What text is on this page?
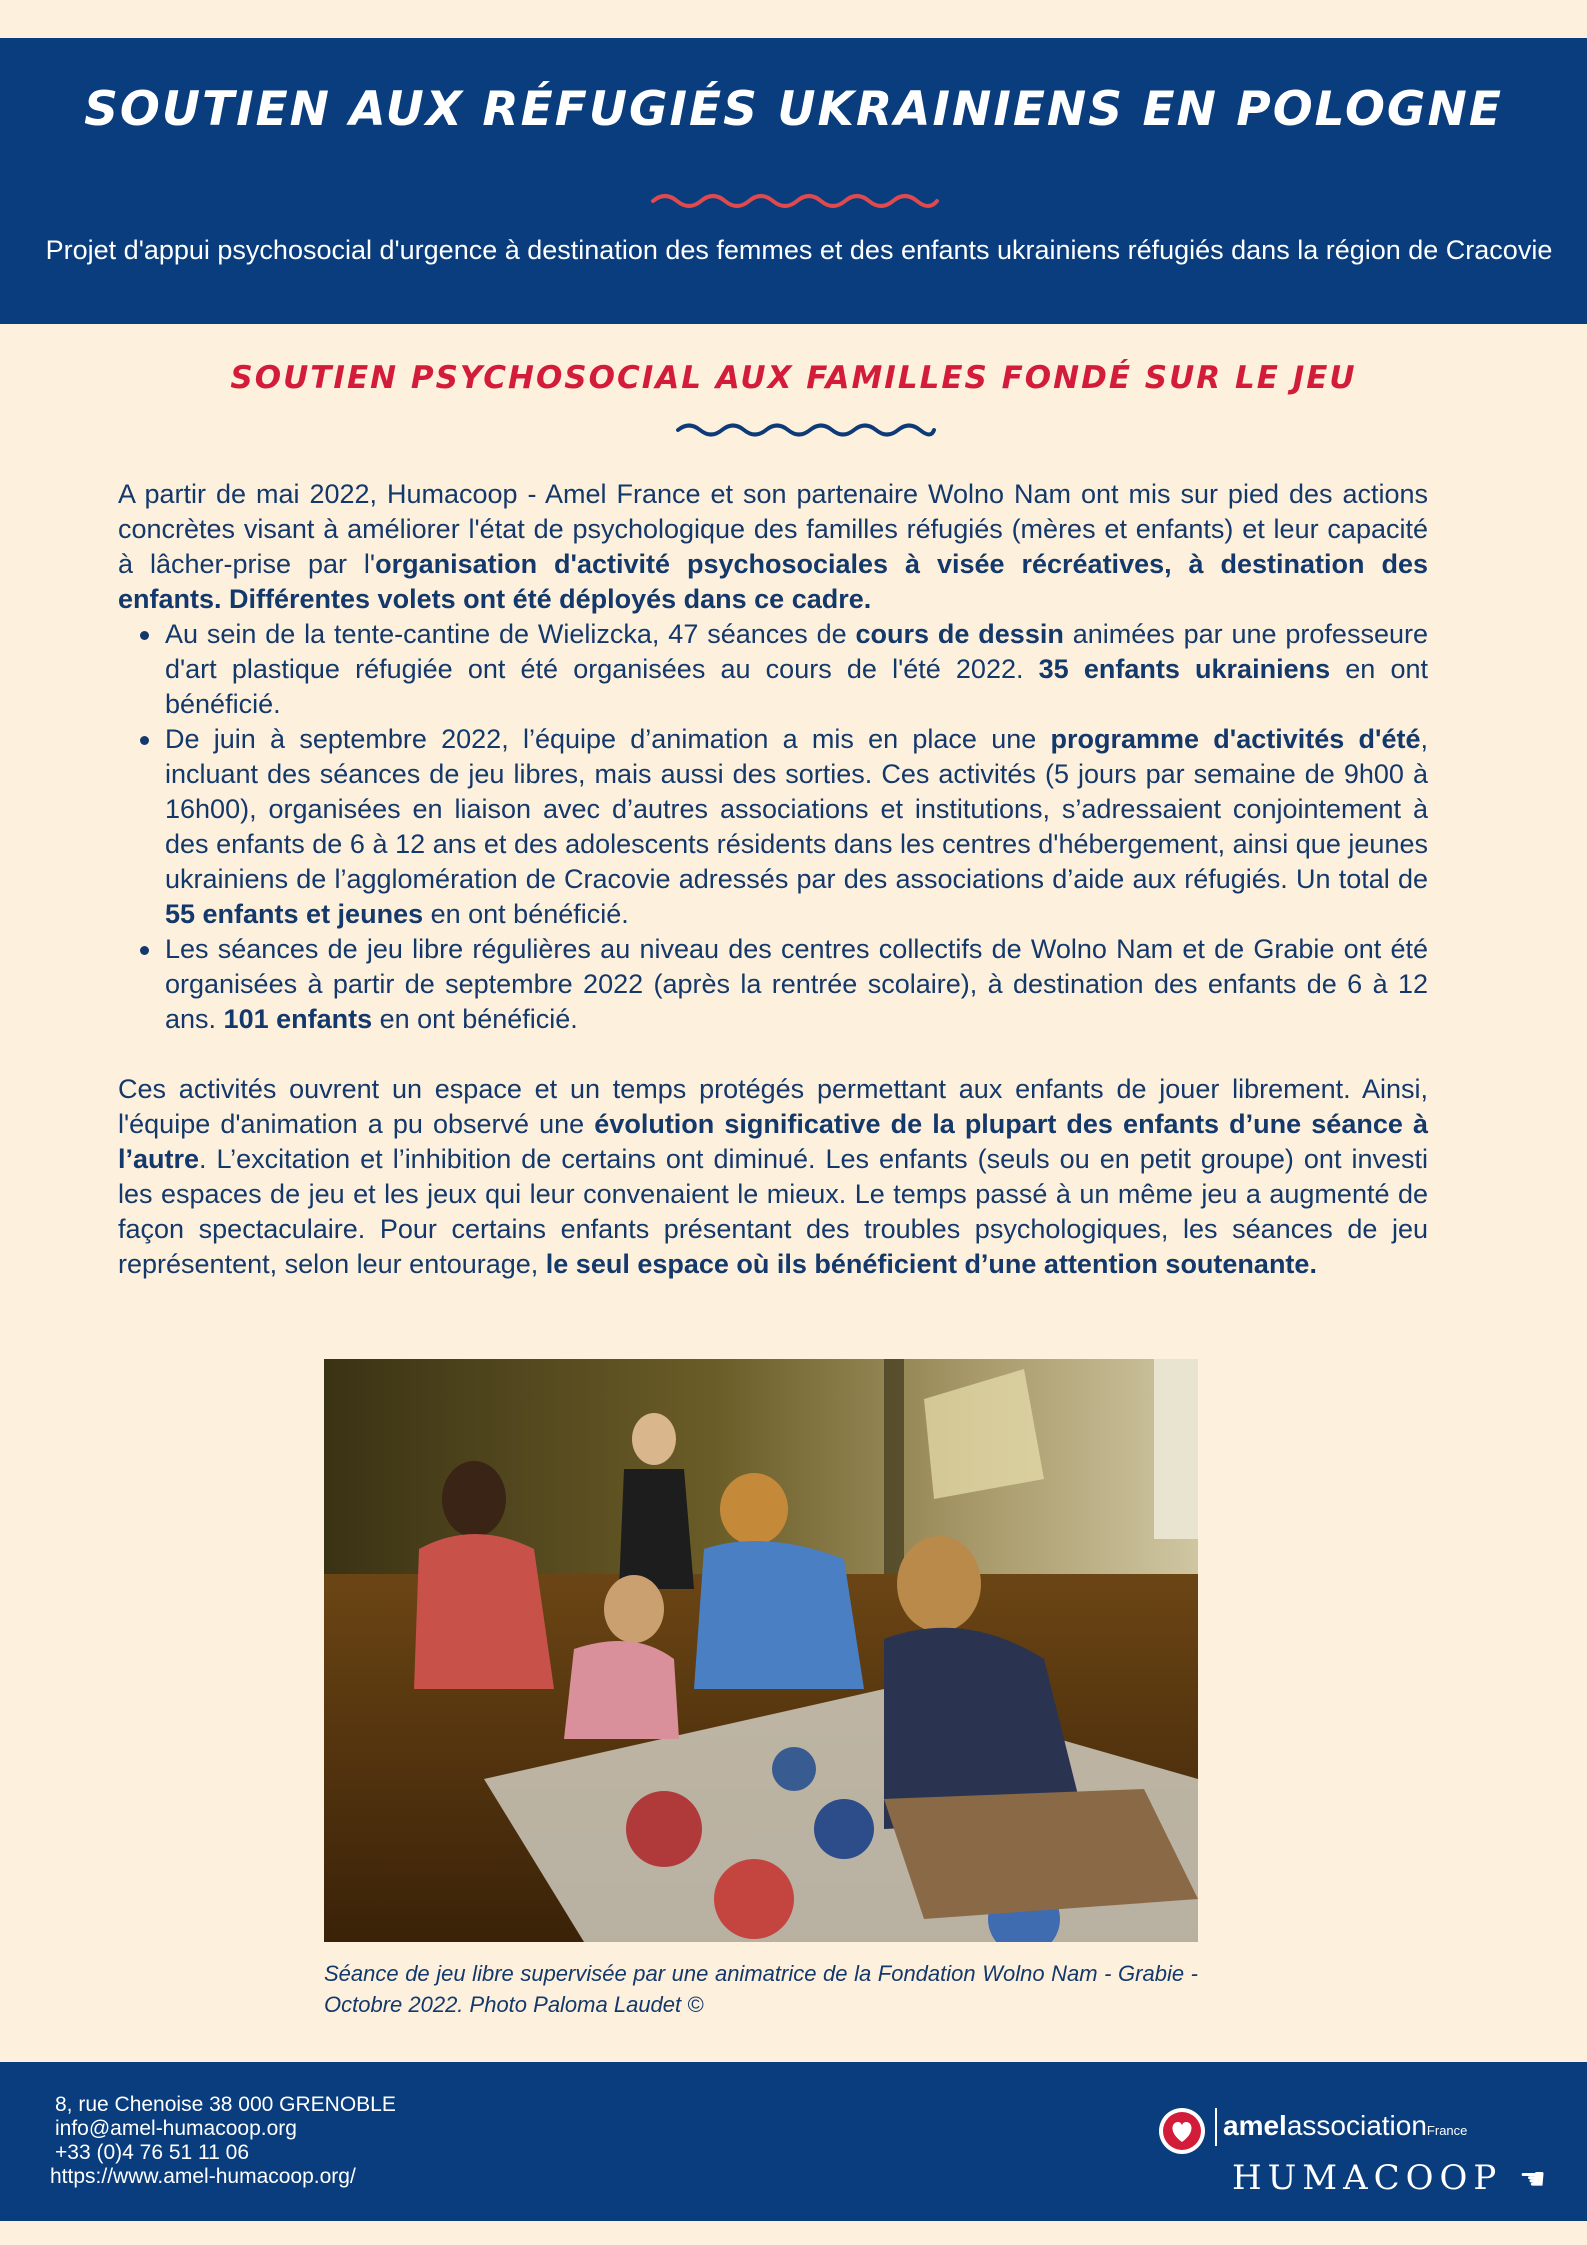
SOUTIEN AUX RÉFUGIÉS UKRAINIENS EN POLOGNE
Projet d'appui psychosocial d'urgence à destination des femmes et des enfants ukrainiens réfugiés dans la région de Cracovie
SOUTIEN PSYCHOSOCIAL AUX FAMILLES FONDÉ SUR LE JEU

A partir de mai 2022, Humacoop - Amel France et son partenaire Wolno Nam ont mis sur pied des actions concrètes visant à améliorer l'état de psychologique des familles réfugiés (mères et enfants) et leur capacité à lâcher-prise par l'organisation d'activité psychosociales à visée récréatives, à destination des enfants. Différentes volets ont été déployés dans ce cadre.

Au sein de la tente-cantine de Wielizcka, 47 séances de cours de dessin animées par une professeure d'art plastique réfugiée ont été organisées au cours de l'été 2022. 35 enfants ukrainiens en ont bénéficié.
De juin à septembre 2022, l’équipe d’animation a mis en place une programme d'activités d'été, incluant des séances de jeu libres, mais aussi des sorties. Ces activités (5 jours par semaine de 9h00 à 16h00), organisées en liaison avec d’autres associations et institutions, s’adressaient conjointement à des enfants de 6 à 12 ans et des adolescents résidents dans les centres d'hébergement, ainsi que jeunes ukrainiens de l’agglomération de Cracovie adressés par des associations d’aide aux réfugiés. Un total de 55 enfants et jeunes en ont bénéficié.
Les séances de jeu libre régulières au niveau des centres collectifs de Wolno Nam et de Grabie ont été organisées à partir de septembre 2022 (après la rentrée scolaire), à destination des enfants de 6 à 12 ans. 101 enfants en ont bénéficié.

Ces activités ouvrent un espace et un temps protégés permettant aux enfants de jouer librement. Ainsi, l'équipe d'animation a pu observé une évolution significative de la plupart des enfants d’une séance à l’autre. L’excitation et l’inhibition de certains ont diminué. Les enfants (seuls ou en petit groupe) ont investi les espaces de jeu et les jeux qui leur convenaient le mieux. Le temps passé à un même jeu a augmenté de façon spectaculaire. Pour certains enfants présentant des troubles psychologiques, les séances de jeu représentent, selon leur entourage, le seul espace où ils bénéficient d’une attention soutenante.

Séance de jeu libre supervisée par une animatrice de la Fondation Wolno Nam - Grabie - Octobre 2022. Photo Paloma Laudet ©
8, rue Chenoise 38 000 GRENOBLE
info@amel-humacoop.org
+33 (0)4 76 51 11 06
https://www.amel-humacoop.org/
amelassociationFrance
HUMACOOP ☚
